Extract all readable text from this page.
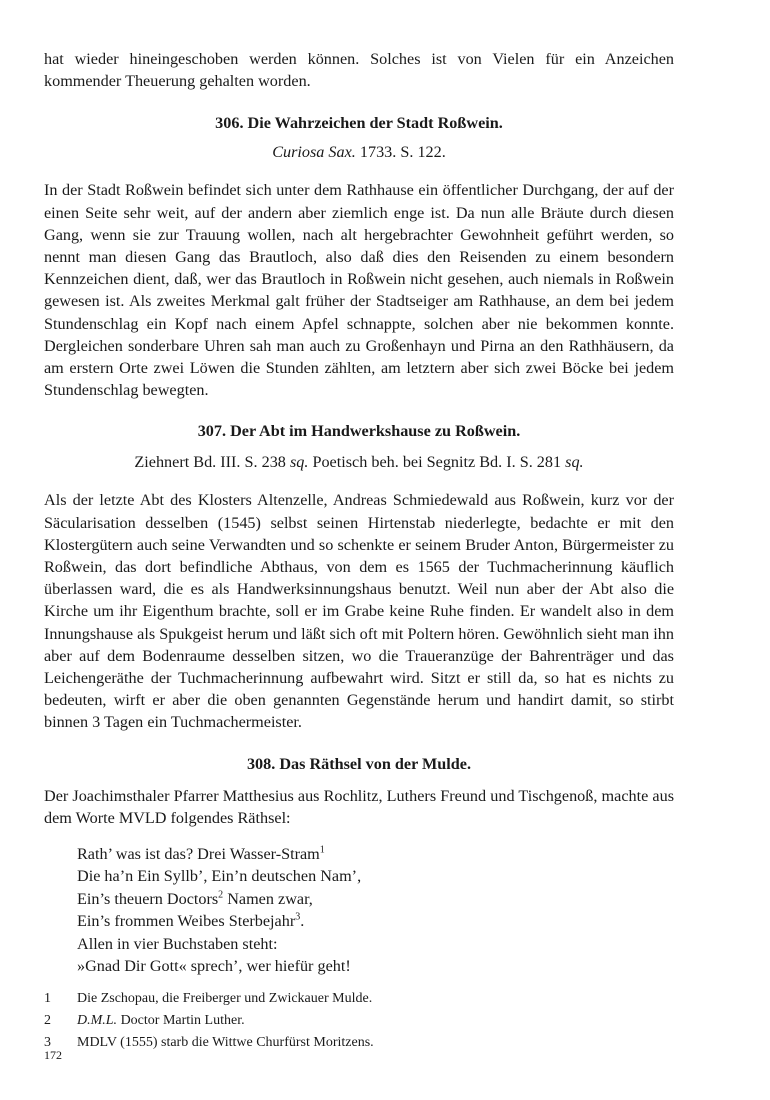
hat wieder hineingeschoben werden können. Solches ist von Vielen für ein Anzeichen kommender Theuerung gehalten worden.

306. Die Wahrzeichen der Stadt Roßwein.

Curiosa Sax. 1733. S. 122.

In der Stadt Roßwein befindet sich unter dem Rathhause ein öffentlicher Durchgang, der auf der einen Seite sehr weit, auf der andern aber ziemlich enge ist. Da nun alle Bräute durch diesen Gang, wenn sie zur Trauung wollen, nach alt hergebrachter Gewohnheit geführt werden, so nennt man diesen Gang das Brautloch, also daß dies den Reisenden zu einem besondern Kennzeichen dient, daß, wer das Brautloch in Roßwein nicht gesehen, auch niemals in Roßwein gewesen ist. Als zweites Merkmal galt früher der Stadtseiger am Rathhause, an dem bei jedem Stundenschlag ein Kopf nach einem Apfel schnappte, solchen aber nie bekommen konnte. Dergleichen sonderbare Uhren sah man auch zu Großenhayn und Pirna an den Rathhäusern, da am erstern Orte zwei Löwen die Stunden zählten, am letztern aber sich zwei Böcke bei jedem Stundenschlag bewegten.

307. Der Abt im Handwerkshause zu Roßwein.

Ziehnert Bd. III. S. 238 sq. Poetisch beh. bei Segnitz Bd. I. S. 281 sq.

Als der letzte Abt des Klosters Altenzelle, Andreas Schmiedewald aus Roßwein, kurz vor der Säcularisation desselben (1545) selbst seinen Hirtenstab niederlegte, bedachte er mit den Klostergütern auch seine Verwandten und so schenkte er seinem Bruder Anton, Bürgermeister zu Roßwein, das dort befindliche Abthaus, von dem es 1565 der Tuchmacherinnung käuflich überlassen ward, die es als Handwerksinnungshaus benutzt. Weil nun aber der Abt also die Kirche um ihr Eigenthum brachte, soll er im Grabe keine Ruhe finden. Er wandelt also in dem Innungshause als Spukgeist herum und läßt sich oft mit Poltern hören. Gewöhnlich sieht man ihn aber auf dem Bodenraume desselben sitzen, wo die Traueranzüge der Bahrenträger und das Leichengeräthe der Tuchmacherinnung aufbewahrt wird. Sitzt er still da, so hat es nichts zu bedeuten, wirft er aber die oben genannten Gegenstände herum und handirt damit, so stirbt binnen 3 Tagen ein Tuchmachermeister.

308. Das Räthsel von der Mulde.

Der Joachimsthaler Pfarrer Matthesius aus Rochlitz, Luthers Freund und Tischgenoß, machte aus dem Worte MVLD folgendes Räthsel:

Rath’ was ist das? Drei Wasser-Stram$^1$
Die ha’n Ein Syllb’, Ein’n deutschen Nam’,
Ein’s theuern Doctors$^2$ Namen zwar,
Ein’s frommen Weibes Sterbejahr$^3$.
Allen in vier Buchstaben steht:
»Gnad Dir Gott« sprech’, wer hiefür geht!
1	Die Zschopau, die Freiberger und Zwickauer Mulde.
2	D.M.L. Doctor Martin Luther.
3	MDLV (1555) starb die Wittwe Churfürst Moritzens.
172
